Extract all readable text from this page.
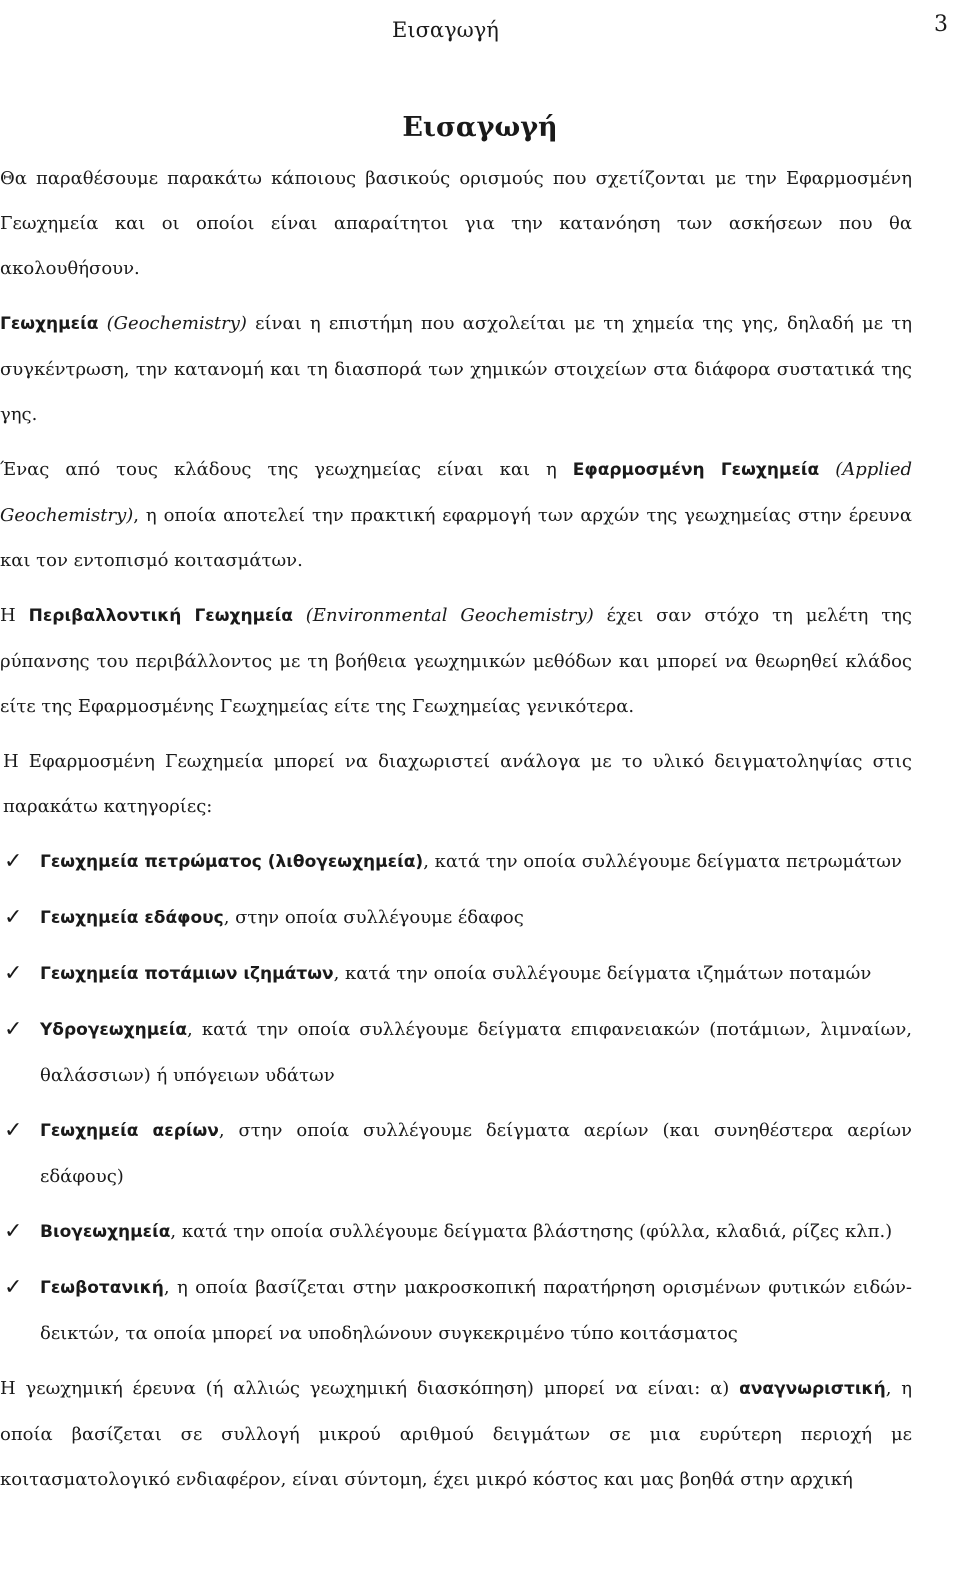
Εισαγωγή	3
Εισαγωγή

Θα παραθέσουμε παρακάτω κάποιους βασικούς ορισμούς που σχετίζονται με την Εφαρμοσμένη Γεωχημεία και οι οποίοι είναι απαραίτητοι για την κατανόηση των ασκήσεων που θα ακολουθήσουν.

Γεωχημεία (Geochemistry) είναι η επιστήμη που ασχολείται με τη χημεία της γης, δηλαδή με τη συγκέντρωση, την κατανομή και τη διασπορά των χημικών στοιχείων στα διάφορα συστατικά της γης.

Ένας από τους κλάδους της γεωχημείας είναι και η Εφαρμοσμένη Γεωχημεία (Applied Geochemistry), η οποία αποτελεί την πρακτική εφαρμογή των αρχών της γεωχημείας στην έρευνα και τον εντοπισμό κοιτασμάτων.

Η Περιβαλλοντική Γεωχημεία (Environmental Geochemistry) έχει σαν στόχο τη μελέτη της ρύπανσης του περιβάλλοντος με τη βοήθεια γεωχημικών μεθόδων και μπορεί να θεωρηθεί κλάδος είτε της Εφαρμοσμένης Γεωχημείας είτε της Γεωχημείας γενικότερα.

Η Εφαρμοσμένη Γεωχημεία μπορεί να διαχωριστεί ανάλογα με το υλικό δειγματοληψίας στις παρακάτω κατηγορίες:

✓ Γεωχημεία πετρώματος (λιθογεωχημεία), κατά την οποία συλλέγουμε δείγματα πετρωμάτων
✓ Γεωχημεία εδάφους, στην οποία συλλέγουμε έδαφος
✓ Γεωχημεία ποτάμιων ιζημάτων, κατά την οποία συλλέγουμε δείγματα ιζημάτων ποταμών
✓ Υδρογεωχημεία, κατά την οποία συλλέγουμε δείγματα επιφανειακών (ποτάμιων, λιμναίων, θαλάσσιων) ή υπόγειων υδάτων
✓ Γεωχημεία αερίων, στην οποία συλλέγουμε δείγματα αερίων (και συνηθέστερα αερίων εδάφους)
✓ Βιογεωχημεία, κατά την οποία συλλέγουμε δείγματα βλάστησης (φύλλα, κλαδιά, ρίζες κλπ.)
✓ Γεωβοτανική, η οποία βασίζεται στην μακροσκοπική παρατήρηση ορισμένων φυτικών ειδών-δεικτών, τα οποία μπορεί να υποδηλώνουν συγκεκριμένο τύπο κοιτάσματος

Η γεωχημική έρευνα (ή αλλιώς γεωχημική διασκόπηση) μπορεί να είναι: α) αναγνωριστική, η οποία βασίζεται σε συλλογή μικρού αριθμού δειγμάτων σε μια ευρύτερη περιοχή με κοιτασματολογικό ενδιαφέρον, είναι σύντομη, έχει μικρό κόστος και μας βοηθά στην αρχική
